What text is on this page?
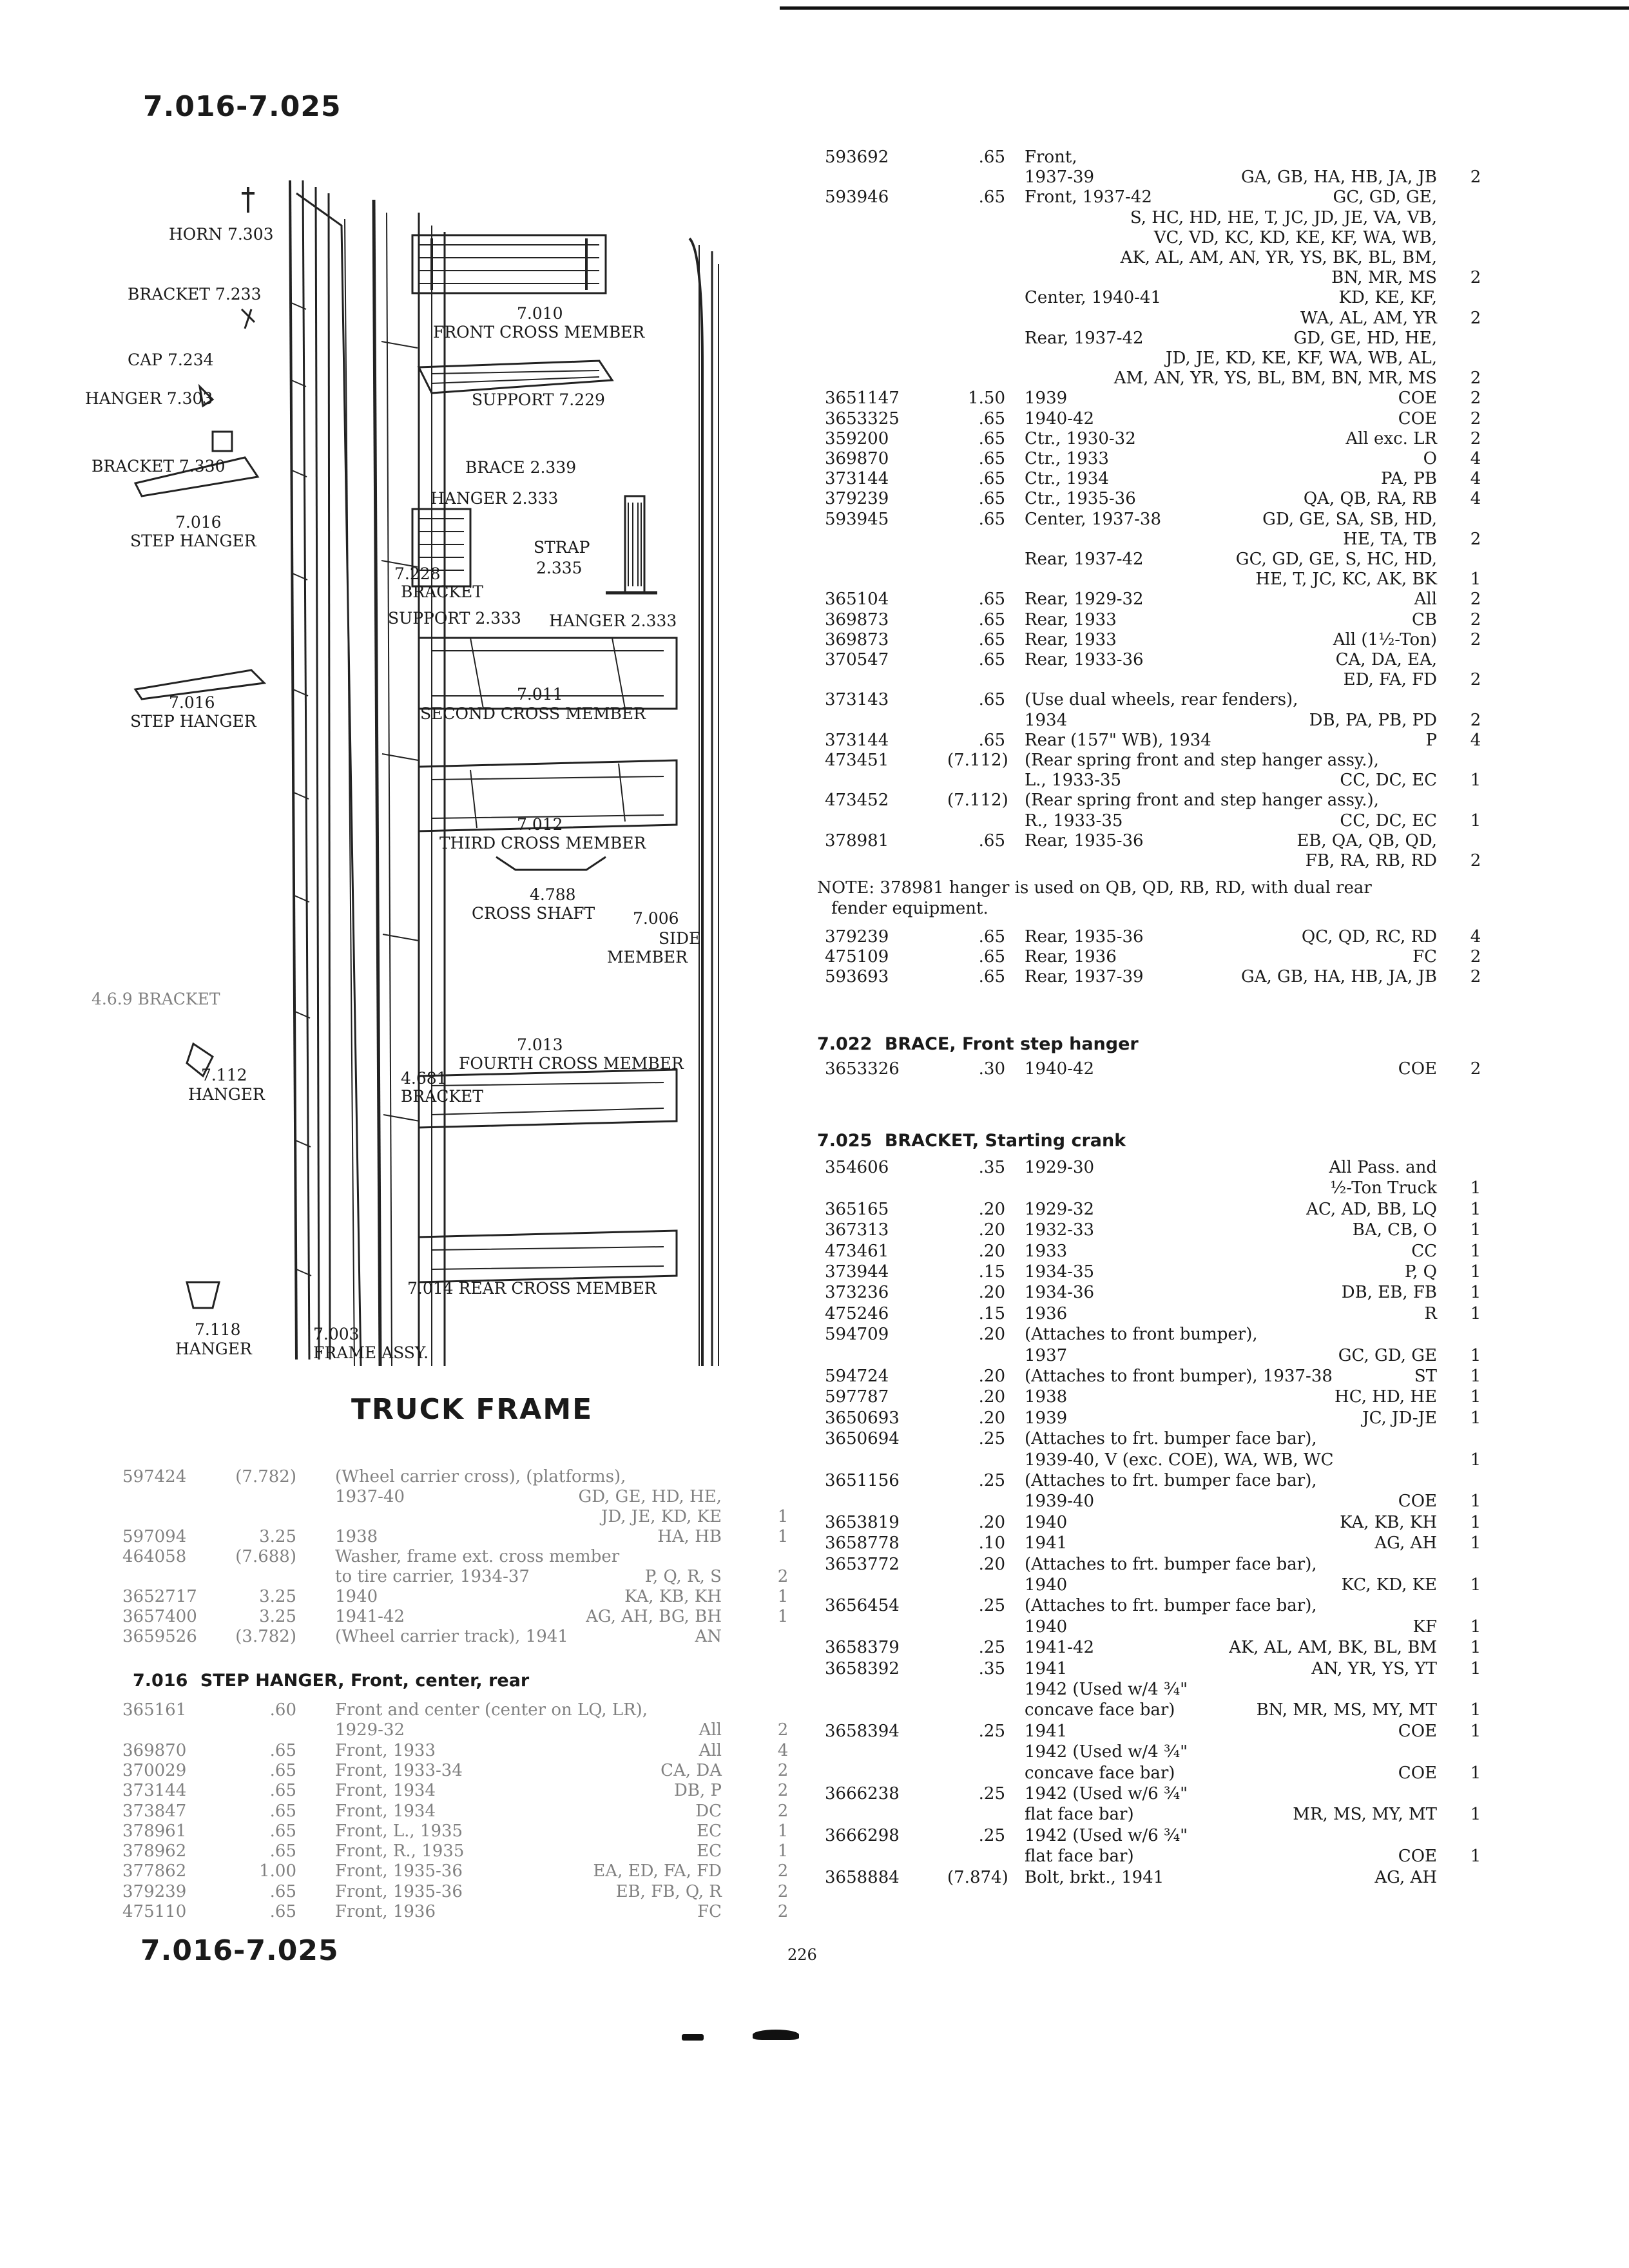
7.016-7.025
7.016-7.025	226
HORN 7.303
BRACKET 7.233
CAP 7.234
HANGER 7.303
BRACKET 7.330
7.016
STEP HANGER
7.016
STEP HANGER
7.010
FRONT CROSS MEMBER
SUPPORT 7.229
BRACE 2.339
HANGER 2.333
STRAP
2.335
7.228
BRACKET
SUPPORT 2.333 HANGER 2.333
7.011
SECOND CROSS MEMBER
7.012
THIRD CROSS MEMBER
4.788
CROSS SHAFT 7.006
SIDE
MEMBER
4.6.9 BRACKET
7.112
HANGER
7.013
FOURTH CROSS MEMBER
4.681
BRACKET
7.014 REAR CROSS MEMBER
7.118
HANGER
7.003
FRAME ASSY.
TRUCK FRAME
597424	(7.782) (Wheel carrier cross), (platforms),
1937-40	GD, GE, HD, HE,
JD, JE, KD, KE	1
597094	3.25 1938	HA, HB	1
464058	(7.688) Washer, frame ext. cross member
to tire carrier, 1934-37	P, Q, R, S	2
3652717	3.25 1940	KA, KB, KH	1
3657400	3.25 1941-42	AG, AH, BG, BH	1
3659526	(3.782) (Wheel carrier track), 1941	AN
7.016 STEP HANGER, Front, center, rear
365161	.60 Front and center (center on LQ, LR),
1929-32	All	2
369870	.65 Front, 1933	All	4
370029	.65 Front, 1933-34	CA, DA	2
373144	.65 Front, 1934	DB, P	2
373847	.65 Front, 1934	DC	2
378961	.65 Front, L., 1935	EC	1
378962	.65 Front, R., 1935	EC	1
377862	1.00 Front, 1935-36	EA, ED, FA, FD	2
379239	.65 Front, 1935-36	EB, FB, Q, R	2
475110	.65 Front, 1936	FC	2
593692	.65 Front,
1937-39	GA, GB, HA, HB, JA, JB 2
593946	.65 Front, 1937-42	GC, GD, GE,
S, HC, HD, HE, T, JC, JD, JE, VA, VB,
VC, VD, KC, KD, KE, KF, WA, WB,
AK, AL, AM, AN, YR, YS, BK, BL, BM,
BN, MR, MS 2
Center, 1940-41	KD, KE, KF,
WA, AL, AM, YR 2
Rear, 1937-42	GD, GE, HD, HE,
JD, JE, KD, KE, KF, WA, WB, AL,
AM, AN, YR, YS, BL, BM, BN, MR, MS 2
3651147	1.50 1939	COE 2
3653325	.65 1940-42	COE 2
359200	.65 Ctr., 1930-32	All exc. LR 2
369870	.65 Ctr., 1933	O 4
373144	.65 Ctr., 1934	PA, PB 4
379239	.65 Ctr., 1935-36	QA, QB, RA, RB 4
593945	.65 Center, 1937-38	GD, GE, SA, SB, HD,
HE, TA, TB 2
Rear, 1937-42	GC, GD, GE, S, HC, HD,
HE, T, JC, KC, AK, BK 1
365104	.65 Rear, 1929-32	All 2
369873	.65 Rear, 1933	CB 2
369873	.65 Rear, 1933	All (1½-Ton) 2
370547	.65 Rear, 1933-36	CA, DA, EA,
ED, FA, FD 2
373143	.65 (Use dual wheels, rear fenders),
1934	DB, PA, PB, PD 2
373144	.65 Rear (157" WB), 1934	P 4
473451	(7.112) (Rear spring front and step hanger assy.),
L., 1933-35	CC, DC, EC 1
473452	(7.112) (Rear spring front and step hanger assy.),
R., 1933-35	CC, DC, EC 1
378981	.65 Rear, 1935-36	EB, QA, QB, QD,
FB, RA, RB, RD 2
NOTE: 378981 hanger is used on QB, QD, RB, RD, with dual rear
fender equipment.
379239	.65 Rear, 1935-36	QC, QD, RC, RD 4
475109	.65 Rear, 1936	FC 2
593693	.65 Rear, 1937-39	GA, GB, HA, HB, JA, JB 2
7.022 BRACE, Front step hanger
3653326	.30 1940-42	COE 2
7.025 BRACKET, Starting crank
354606	.35 1929-30	All Pass. and
½-Ton Truck 1
365165	.20 1929-32	AC, AD, BB, LQ 1
367313	.20 1932-33	BA, CB, O 1
473461	.20 1933	CC 1
373944	.15 1934-35	P, Q 1
373236	.20 1934-36	DB, EB, FB 1
475246	.15 1936	R 1
594709	.20 (Attaches to front bumper),
1937	GC, GD, GE 1
594724	.20 (Attaches to front bumper), 1937-38	ST 1
597787	.20 1938	HC, HD, HE 1
3650693	.20 1939	JC, JD-JE 1
3650694	.25 (Attaches to frt. bumper face bar),
1939-40, V (exc. COE), WA, WB, WC	1
3651156	.25 (Attaches to frt. bumper face bar),
1939-40	COE 1
3653819	.20 1940	KA, KB, KH 1
3658778	.10 1941	AG, AH 1
3653772	.20 (Attaches to frt. bumper face bar),
1940	KC, KD, KE 1
3656454	.25 (Attaches to frt. bumper face bar),
1940	KF 1
3658379	.25 1941-42	AK, AL, AM, BK, BL, BM 1
3658392	.35 1941	AN, YR, YS, YT 1
1942 (Used w/4 ¾"
concave face bar)	BN, MR, MS, MY, MT 1
3658394	.25 1941	COE 1
1942 (Used w/4 ¾"
concave face bar)	COE 1
3666238	.25 1942 (Used w/6 ¾"
flat face bar)	MR, MS, MY, MT 1
3666298	.25 1942 (Used w/6 ¾"
flat face bar)	COE 1
3658884	(7.874) Bolt, brkt., 1941	AG, AH
